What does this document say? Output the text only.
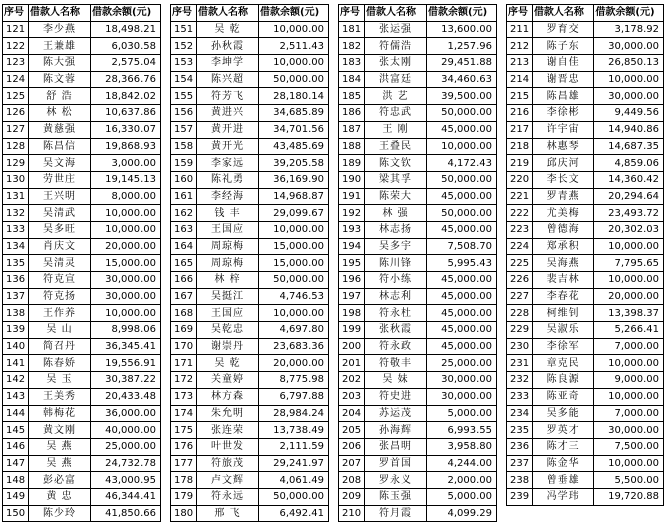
序号	借款人名称	借款余额(元)
121	李少燕	18,498.21
122	王兼雄	6,030.58
123	陈大强	2,575.04
124	陈文蓉	28,366.76
125	舒 浩	18,842.02
126	林 松	10,637.86
127	黄慈强	16,330.07
128	陈昌信	19,868.93
129	吴文海	3,000.00
130	劳世庄	19,145.13
131	王兴明	8,000.00
132	吴清武	10,000.00
133	吴多旺	10,000.00
134	肖庆文	20,000.00
135	吴清灵	15,000.00
136	符克宣	30,000.00
137	符克扬	30,000.00
138	王作养	10,000.00
139	吴 山	8,998.06
140	简召丹	36,345.41
141	陈春娇	19,556.91
142	吴 玉	30,387.22
143	王美秀	20,433.48
144	韩梅花	36,000.00
145	黄文刚	40,000.00
146	吴 燕	25,000.00
147	吴 燕	24,732.78
148	彭必富	43,000.95
149	黄 忠	46,344.41
150	陈少玲	41,850.66
序号	借款人名称	借款余额(元)
151	吴 乾	10,000.00
152	孙秋霞	2,511.43
153	李坤学	10,000.00
154	陈兴超	50,000.00
155	符芳飞	28,180.14
156	黄进兴	34,685.89
157	黄开进	34,701.56
158	黄开光	43,485.69
159	李家远	39,205.58
160	陈礼勇	36,169.90
161	李经海	14,968.87
162	钱 丰	29,099.67
163	王国应	10,000.00
164	周琼梅	15,000.00
165	周琼梅	15,000.00
166	林 梓	50,000.00
167	吴挺江	4,746.53
168	王国应	10,000.00
169	吴乾忠	4,697.80
170	谢崇丹	23,683.36
171	吴 乾	20,000.00
172	关童婷	8,775.98
173	林方森	6,797.88
174	朱允明	28,984.24
175	张连荣	13,738.49
176	叶世发	2,111.59
177	符旅茂	29,241.97
178	卢文辉	4,061.49
179	符永远	50,000.00
180	邢 飞	6,492.41
序号	借款人名称	借款余额(元)
181	张运强	13,600.00
182	符儒浩	1,257.96
183	张太刚	29,451.88
184	洪富廷	34,460.63
185	洪 艺	39,500.00
186	符忠武	50,000.00
187	王 刚	45,000.00
188	王叠民	10,000.00
189	陈文钦	4,172.43
190	梁其孚	50,000.00
191	陈荣大	45,000.00
192	林 强	50,000.00
193	林志扬	45,000.00
194	吴多宇	7,508.70
195	陈川锋	5,995.43
196	符小练	45,000.00
197	林志利	45,000.00
198	符永杜	45,000.00
199	张秋霞	45,000.00
200	符永政	45,000.00
201	符敬丰	25,000.00
202	吴 妹	30,000.00
203	符史进	30,000.00
204	苏运茂	5,000.00
205	孙海辉	6,993.55
206	张昌明	3,958.80
207	罗首国	4,244.00
208	罗永义	2,000.00
209	陈玉强	5,000.00
210	符月霞	4,099.29
序号	借款人名称	借款余额(元)
211	罗育交	3,178.92
212	陈子东	30,000.00
213	谢自佳	26,850.13
214	谢晋忠	10,000.00
215	陈昌雄	30,000.00
216	李徐彬	9,449.56
217	许宇宙	14,940.86
218	林惠琴	14,687.35
219	邱庆河	4,859.06
220	李长文	14,360.42
221	罗青燕	20,294.64
222	尤美梅	23,493.72
223	曾德海	20,302.03
224	郑承积	10,000.00
225	吴海燕	7,795.65
226	裴吉林	10,000.00
227	李春花	20,000.00
228	柯维钊	13,398.37
229	吴淑乐	5,266.41
230	李徐军	7,000.00
231	章克民	10,000.00
232	陈良源	9,000.00
233	陈亚奇	10,000.00
234	吴多能	7,000.00
235	罗英才	30,000.00
236	陈才三	7,500.00
237	陈金华	10,000.00
238	曾垂雄	5,500.00
239	冯学玮	19,720.88
